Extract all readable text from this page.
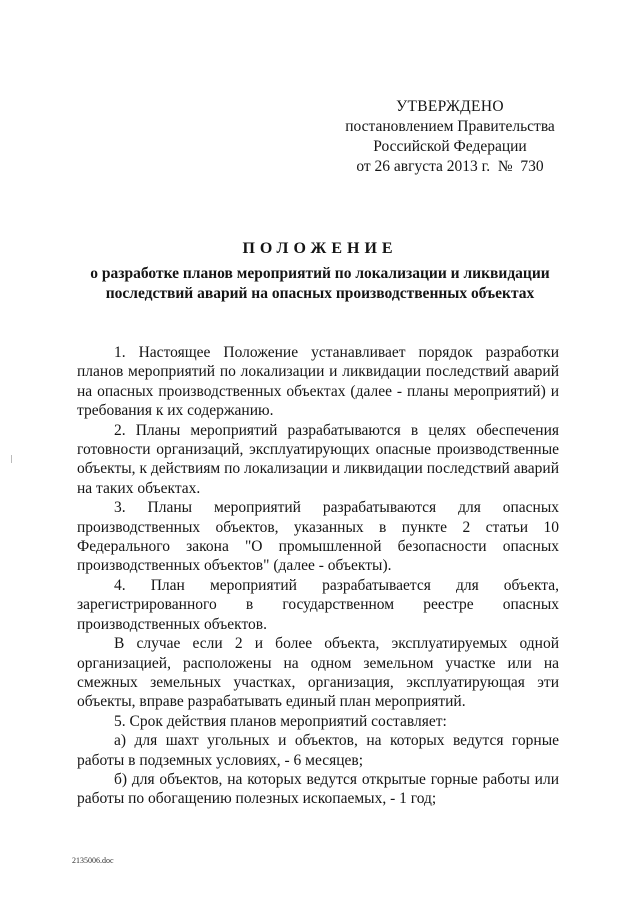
УТВЕРЖДЕНО
постановлением Правительства
Российской Федерации
от 26 августа 2013 г.  №  730
ПОЛОЖЕНИЕ
о разработке планов мероприятий по локализации и ликвидации
последствий аварий на опасных производственных объектах

1. Настоящее Положение устанавливает порядок разработки планов мероприятий по локализации и ликвидации последствий аварий на опасных производственных объектах (далее - планы мероприятий) и требования к их содержанию.

2. Планы мероприятий разрабатываются в целях обеспечения готовности организаций, эксплуатирующих опасные производственные объекты, к действиям по локализации и ликвидации последствий аварий на таких объектах.

3. Планы мероприятий разрабатываются для опасных производственных объектов, указанных в пункте 2 статьи 10 Федерального закона "О промышленной безопасности опасных производственных объектов" (далее - объекты).

4. План мероприятий разрабатывается для объекта, зарегистрированного в государственном реестре опасных производственных объектов.

В случае если 2 и более объекта, эксплуатируемых одной организацией, расположены на одном земельном участке или на смежных земельных участках, организация, эксплуатирующая эти объекты, вправе разрабатывать единый план мероприятий.

5. Срок действия планов мероприятий составляет:

а) для шахт угольных и объектов, на которых ведутся горные работы в подземных условиях, - 6 месяцев;

б) для объектов, на которых ведутся открытые горные работы или работы по обогащению полезных ископаемых, - 1 год;

2135006.doc
